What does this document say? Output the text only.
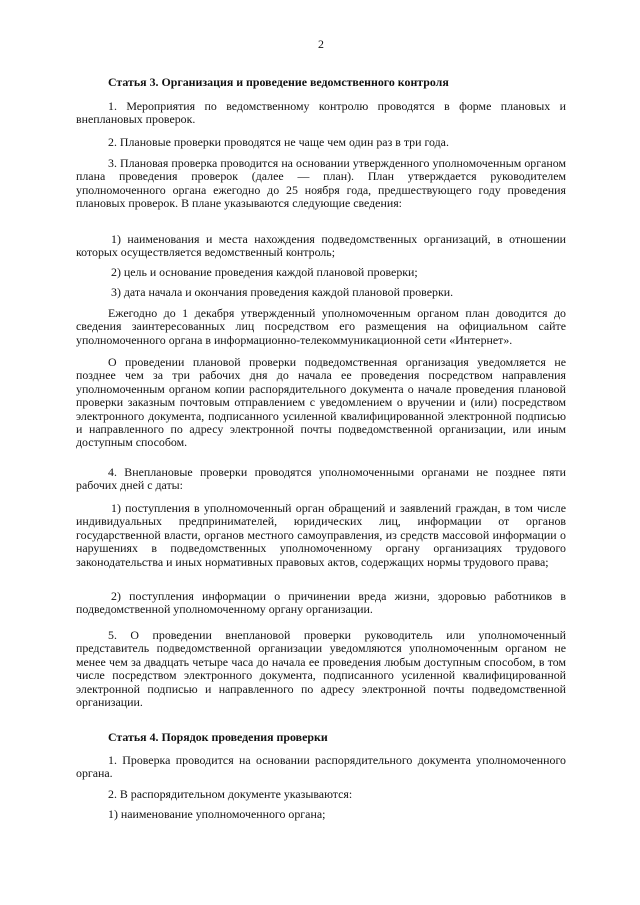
2

Статья 3. Организация и проведение ведомственного контроля

1. Мероприятия по ведомственному контролю проводятся в форме плановых и внеплановых проверок.

2. Плановые проверки проводятся не чаще чем один раз в три года.

3. Плановая проверка проводится на основании утвержденного уполномоченным органом плана проведения проверок (далее — план). План утверждается руководителем уполномоченного органа ежегодно до 25 ноября года, предшествующего году проведения плановых проверок. В плане указываются следующие сведения:

1) наименования и места нахождения подведомственных организаций, в отношении которых осуществляется ведомственный контроль;

2) цель и основание проведения каждой плановой проверки;

3) дата начала и окончания проведения каждой плановой проверки.

Ежегодно до 1 декабря утвержденный уполномоченным органом план доводится до сведения заинтересованных лиц посредством его размещения на официальном сайте уполномоченного органа в информационно-телекоммуникационной сети «Интернет».

О проведении плановой проверки подведомственная организация уведомляется не позднее чем за три рабочих дня до начала ее проведения посредством направления уполномоченным органом копии распорядительного документа о начале проведения плановой проверки заказным почтовым отправлением с уведомлением о вручении и (или) посредством электронного документа, подписанного усиленной квалифицированной электронной подписью и направленного по адресу электронной почты подведомственной организации, или иным доступным способом.

4. Внеплановые проверки проводятся уполномоченными органами не позднее пяти рабочих дней с даты:

1) поступления в уполномоченный орган обращений и заявлений граждан, в том числе индивидуальных предпринимателей, юридических лиц, информации от органов государственной власти, органов местного самоуправления, из средств массовой информации о нарушениях в подведомственных уполномоченному органу организациях трудового законодательства и иных нормативных правовых актов, содержащих нормы трудового права;

2) поступления информации о причинении вреда жизни, здоровью работников в подведомственной уполномоченному органу организации.

5. О проведении внеплановой проверки руководитель или уполномоченный представитель подведомственной организации уведомляются уполномоченным органом не менее чем за двадцать четыре часа до начала ее проведения любым доступным способом, в том числе посредством электронного документа, подписанного усиленной квалифицированной электронной подписью и направленного по адресу электронной почты подведомственной организации.

Статья 4. Порядок проведения проверки

1. Проверка проводится на основании распорядительного документа уполномоченного органа.

2. В распорядительном документе указываются:

1) наименование уполномоченного органа;
